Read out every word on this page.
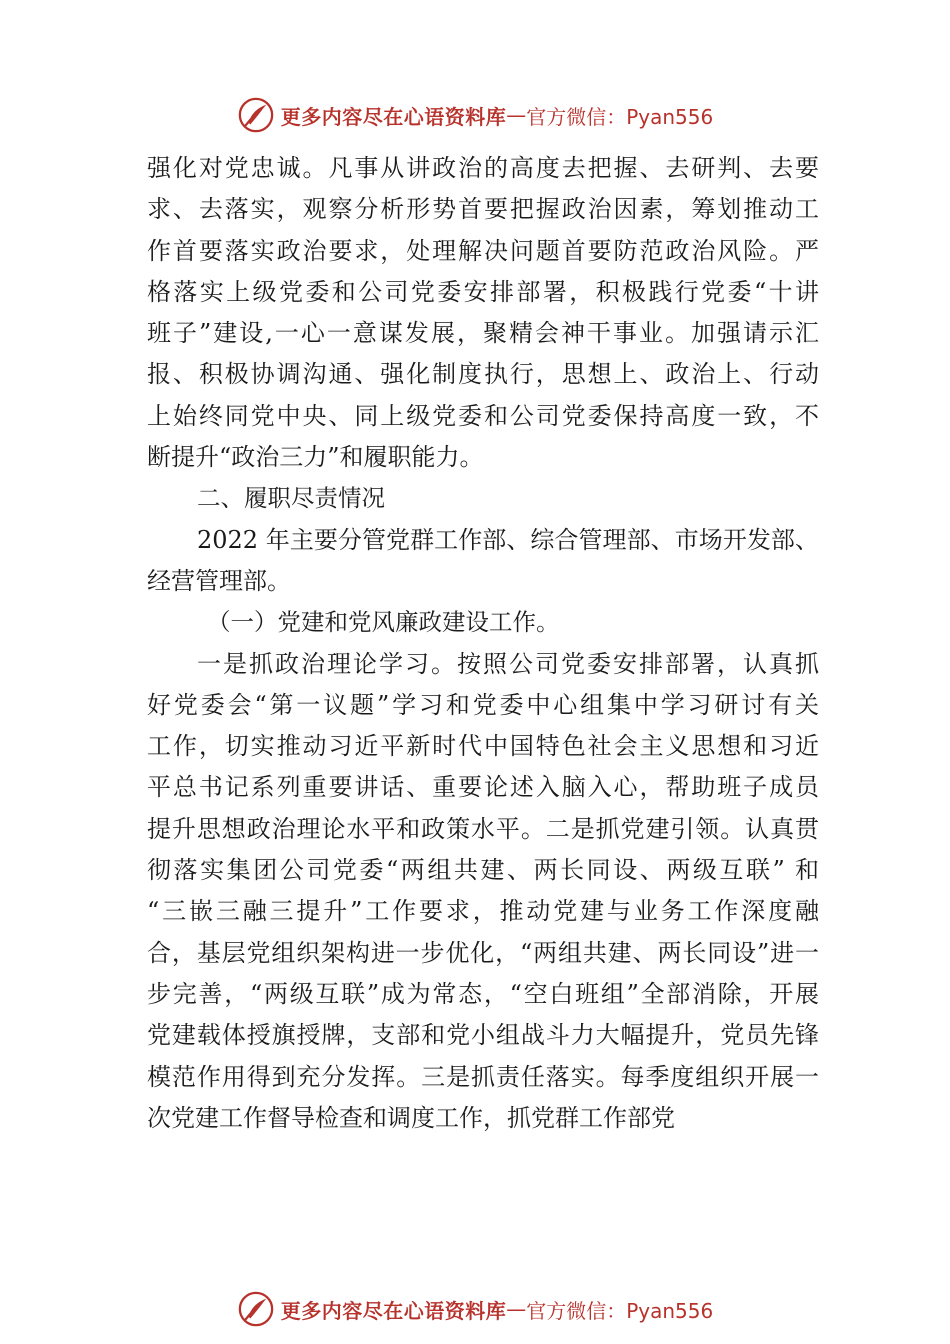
更多内容尽在心语资料库 — 官方微信：Pyan556
强化对党忠诚。凡事从讲政治的高度去把握、去研判、去要
求、去落实，观察分析形势首要把握政治因素，筹划推动工
作首要落实政治要求，处理解决问题首要防范政治风险。严
格落实上级党委和公司党委安排部署，积极践行党委“十讲
班子”建设,一心一意谋发展，聚精会神干事业。加强请示汇
报、积极协调沟通、强化制度执行，思想上、政治上、行动
上始终同党中央、同上级党委和公司党委保持高度一致，不
断提升“政治三力”和履职能力。
二、履职尽责情况
2022 年主要分管党群工作部、综合管理部、市场开发部、
经营管理部。
（一）党建和党风廉政建设工作。
一是抓政治理论学习。按照公司党委安排部署，认真抓
好党委会“第一议题”学习和党委中心组集中学习研讨有关
工作，切实推动习近平新时代中国特色社会主义思想和习近
平总书记系列重要讲话、重要论述入脑入心，帮助班子成员
提升思想政治理论水平和政策水平。二是抓党建引领。认真贯
彻落实集团公司党委“两组共建、两长同设、两级互联” 和
“三嵌三融三提升”工作要求，推动党建与业务工作深度融
合，基层党组织架构进一步优化，“两组共建、两长同设”进一
步完善，“两级互联”成为常态，“空白班组”全部消除，开展
党建载体授旗授牌，支部和党小组战斗力大幅提升，党员先锋
模范作用得到充分发挥。三是抓责任落实。每季度组织开展一
次党建工作督导检查和调度工作，抓党群工作部党
更多内容尽在心语资料库 — 官方微信：Pyan556
